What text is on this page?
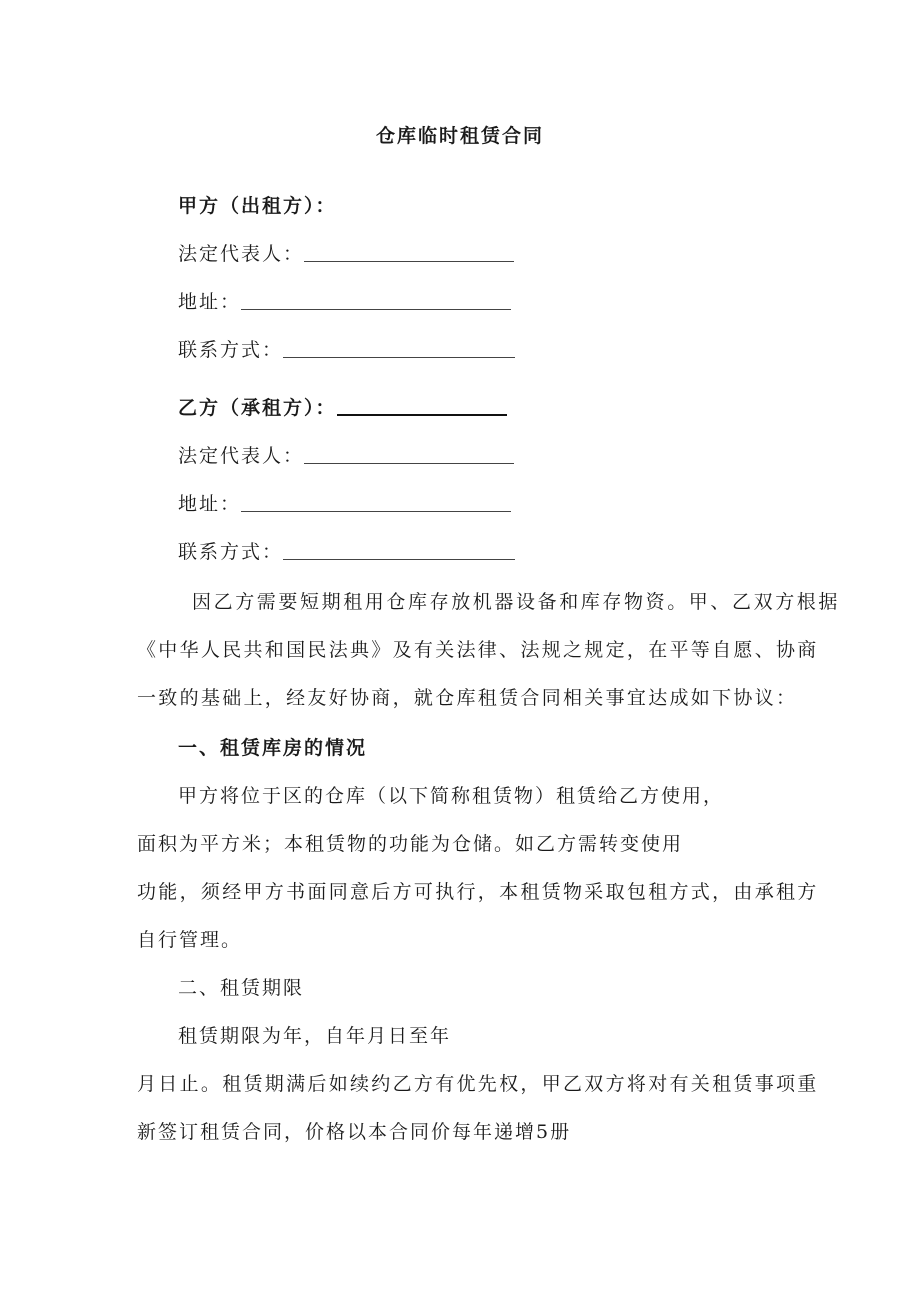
仓库临时租赁合同
甲方（出租方）：
法定代表人：
地址：
联系方式：
乙方（承租方）：
法定代表人：
地址：
联系方式：
因乙方需要短期租用仓库存放机器设备和库存物资。甲、乙双方根据
《中华人民共和国民法典》及有关法律、法规之规定，在平等自愿、协商
一致的基础上，经友好协商，就仓库租赁合同相关事宜达成如下协议：
一、租赁库房的情况
甲方将位于区的仓库（以下简称租赁物）租赁给乙方使用，
面积为平方米；本租赁物的功能为仓储。如乙方需转变使用
功能，须经甲方书面同意后方可执行，本租赁物采取包租方式，由承租方
自行管理。
二、租赁期限
租赁期限为年，自年月日至年
月日止。租赁期满后如续约乙方有优先权，甲乙双方将对有关租赁事项重
新签订租赁合同，价格以本合同价每年递增5册
